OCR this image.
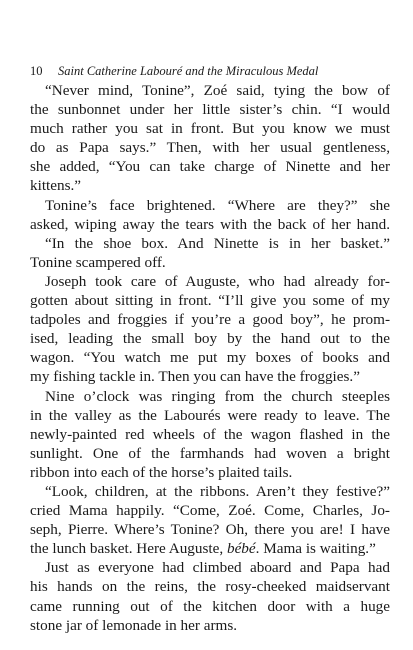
10 Saint Catherine Labouré and the Miraculous Medal
“Never mind, Tonine”, Zoé said, tying the bow of
the sunbonnet under her little sister’s chin. “I would
much rather you sat in front. But you know we must
do as Papa says.” Then, with her usual gentleness,
she added, “You can take charge of Ninette and her
kittens.”
Tonine’s face brightened. “Where are they?” she
asked, wiping away the tears with the back of her hand.
“In the shoe box. And Ninette is in her basket.”
Tonine scampered off.
Joseph took care of Auguste, who had already for-
gotten about sitting in front. “I’ll give you some of my
tadpoles and froggies if you’re a good boy”, he prom-
ised, leading the small boy by the hand out to the
wagon. “You watch me put my boxes of books and
my fishing tackle in. Then you can have the froggies.”
Nine o’clock was ringing from the church steeples
in the valley as the Labourés were ready to leave. The
newly-painted red wheels of the wagon flashed in the
sunlight. One of the farmhands had woven a bright
ribbon into each of the horse’s plaited tails.
“Look, children, at the ribbons. Aren’t they festive?”
cried Mama happily. “Come, Zoé. Come, Charles, Jo-
seph, Pierre. Where’s Tonine? Oh, there you are! I have
the lunch basket. Here Auguste, bébé. Mama is waiting.”
Just as everyone had climbed aboard and Papa had
his hands on the reins, the rosy-cheeked maidservant
came running out of the kitchen door with a huge
stone jar of lemonade in her arms.
